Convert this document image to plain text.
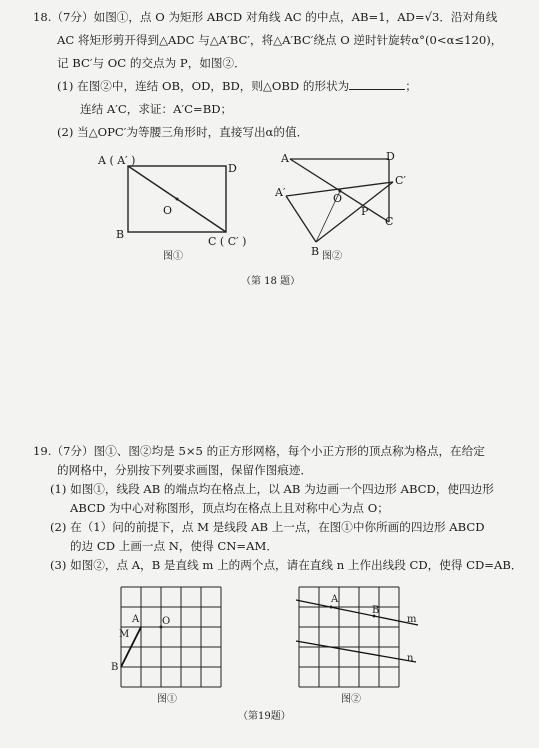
18.（7分）如图①，点 O 为矩形 ABCD 对角线 AC 的中点，AB=1，AD=√3．沿对角线
AC 将矩形剪开得到△ADC 与△A′BC′，将△A′BC′绕点 O 逆时针旋转α°(0<α≤120)，
记 BC′与 OC 的交点为 P，如图②．
(1) 在图②中，连结 OB，OD，BD，则△OBD 的形状为	；
连结 A′C，求证：A′C=BD；
(2) 当△OPC′为等腰三角形时，直接写出α的值．
A ( A′ )
D
B
C ( C′ )
O
图①
A	D
A′
C′
O
P
C
B 图②
（第 18 题）
19.（7分）图①、图②均是 5×5 的正方形网格，每个小正方形的顶点称为格点，在给定
的网格中，分别按下列要求画图，保留作图痕迹．
(1) 如图①，线段 AB 的端点均在格点上，以 AB 为边画一个四边形 ABCD，使四边形
ABCD 为中心对称图形，顶点均在格点上且对称中心为点 O；
(2) 在（1）问的前提下，点 M 是线段 AB 上一点，在图①中你所画的四边形 ABCD
的边 CD 上画一点 N，使得 CN=AM．
(3) 如图②，点 A，B 是直线 m 上的两个点，请在直线 n 上作出线段 CD，使得 CD=AB．
A
M
O
B
图①
A
B
m
n
图②
（第19题）
